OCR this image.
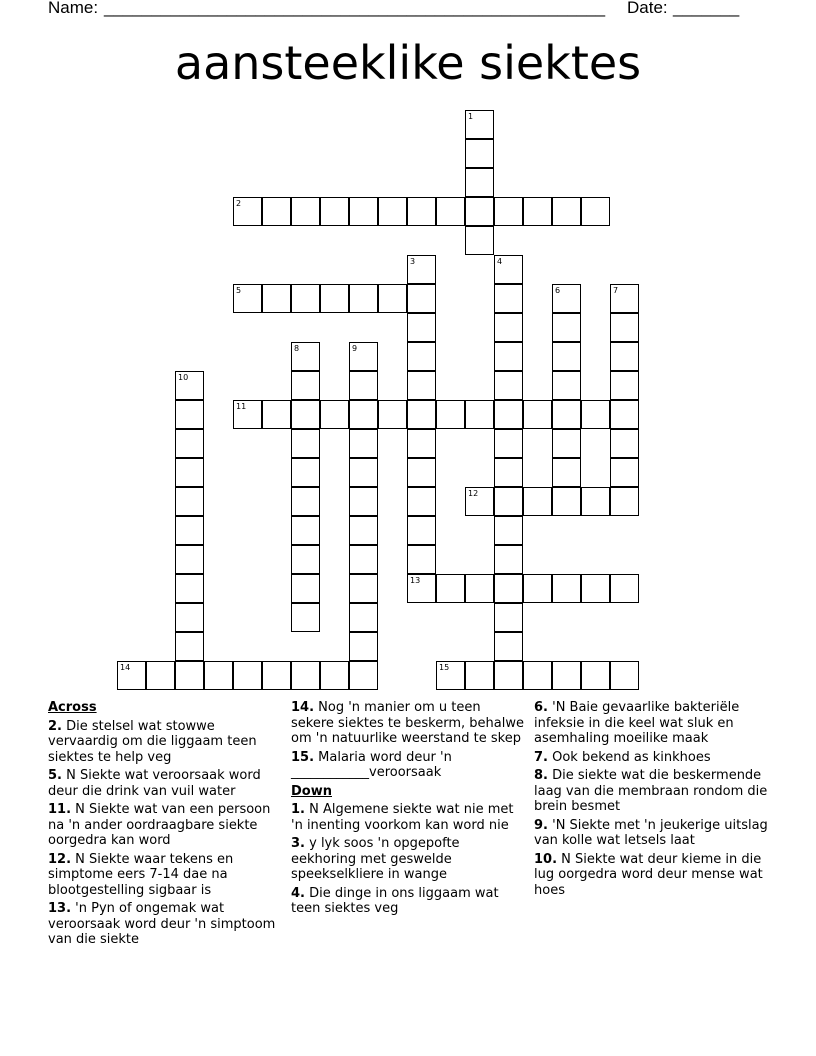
Name: _____________________________________________________ Date: _______
aansteeklike siektes
1
2
3	4
5	6	7
8	9
10
11
12
13
14	15
Across
2. Die stelsel wat stowwe vervaardig om die liggaam teen siektes te help veg
5. N Siekte wat veroorsaak word deur die drink van vuil water
11. N Siekte wat van een persoon na 'n ander oordraagbare siekte oorgedra kan word
12. N Siekte waar tekens en simptome eers 7-14 dae na blootgestelling sigbaar is
13. 'n Pyn of ongemak wat veroorsaak word deur 'n simptoom van die siekte
14. Nog 'n manier om u teen sekere siektes te beskerm, behalwe om 'n natuurlike weerstand te skep
15. Malaria word deur 'n ____________veroorsaak
Down
1. N Algemene siekte wat nie met 'n inenting voorkom kan word nie
3. y lyk soos 'n opgepofte eekhoring met geswelde speekselkliere in wange
4. Die dinge in ons liggaam wat teen siektes veg
6. 'N Baie gevaarlike bakteriële infeksie in die keel wat sluk en asemhaling moeilike maak
7. Ook bekend as kinkhoes
8. Die siekte wat die beskermende laag van die membraan rondom die brein besmet
9. 'N Siekte met 'n jeukerige uitslag van kolle wat letsels laat
10. N Siekte wat deur kieme in die lug oorgedra word deur mense wat hoes
